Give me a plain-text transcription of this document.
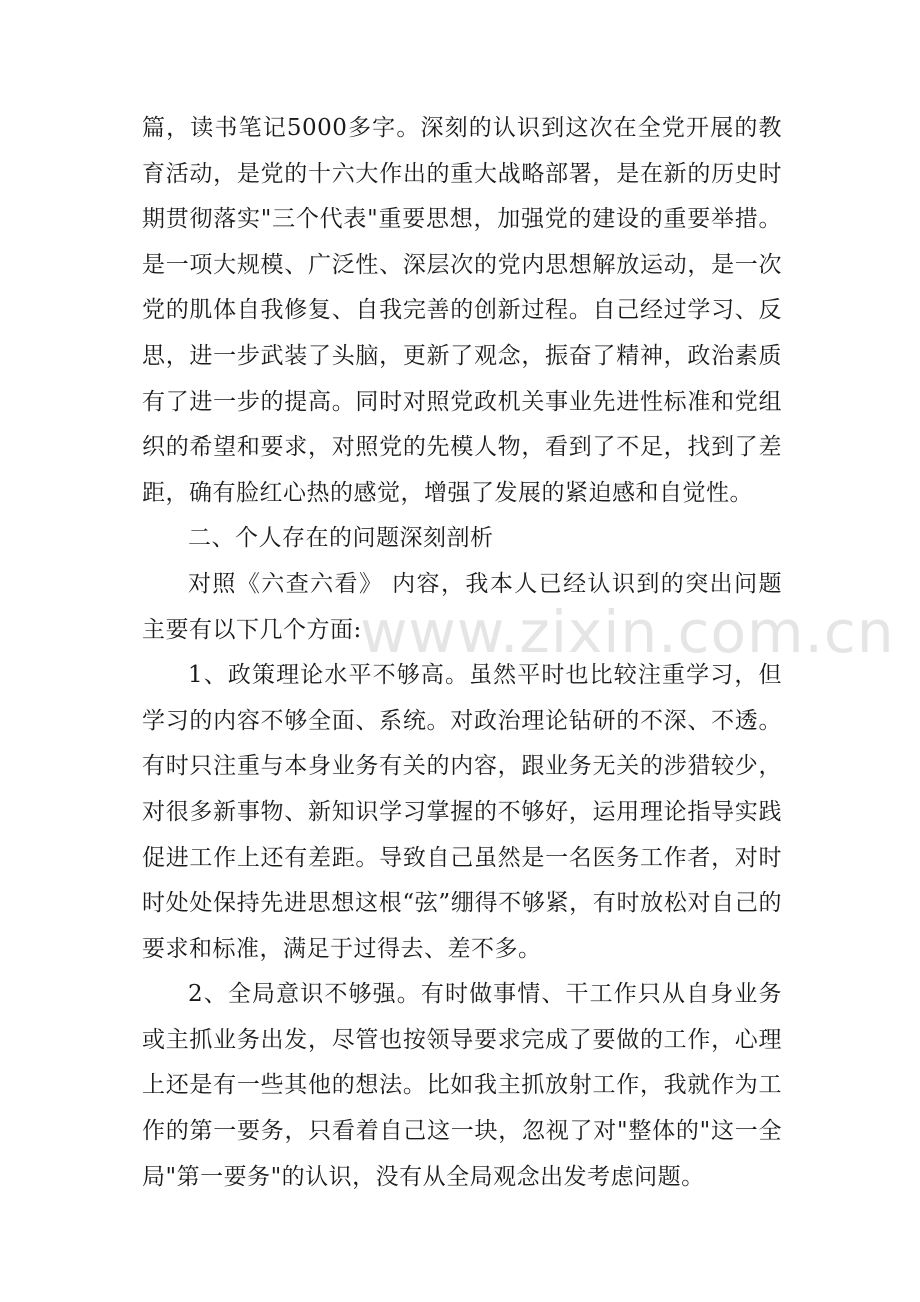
篇，读书笔记5000多字。深刻的认识到这次在全党开展的教育活动，是党的十六大作出的重大战略部署，是在新的历史时期贯彻落实"三个代表"重要思想，加强党的建设的重要举措。是一项大规模、广泛性、深层次的党内思想解放运动，是一次党的肌体自我修复、自我完善的创新过程。自己经过学习、反思，进一步武装了头脑，更新了观念，振奋了精神，政治素质有了进一步的提高。同时对照党政机关事业先进性标准和党组织的希望和要求，对照党的先模人物，看到了不足，找到了差距，确有脸红心热的感觉，增强了发展的紧迫感和自觉性。

二、个人存在的问题深刻剖析

对照《六查六看》 内容，我本人已经认识到的突出问题主要有以下几个方面:

1、政策理论水平不够高。虽然平时也比较注重学习，但学习的内容不够全面、系统。对政治理论钻研的不深、不透。有时只注重与本身业务有关的内容，跟业务无关的涉猎较少，对很多新事物、新知识学习掌握的不够好，运用理论指导实践促进工作上还有差距。导致自己虽然是一名医务工作者，对时时处处保持先进思想这根“弦”绷得不够紧，有时放松对自己的要求和标准，满足于过得去、差不多。

2、全局意识不够强。有时做事情、干工作只从自身业务或主抓业务出发，尽管也按领导要求完成了要做的工作，心理上还是有一些其他的想法。比如我主抓放射工作，我就作为工作的第一要务，只看着自己这一块，忽视了对"整体的"这一全局"第一要务"的认识，没有从全局观念出发考虑问题。

www.zixin.com.cn
